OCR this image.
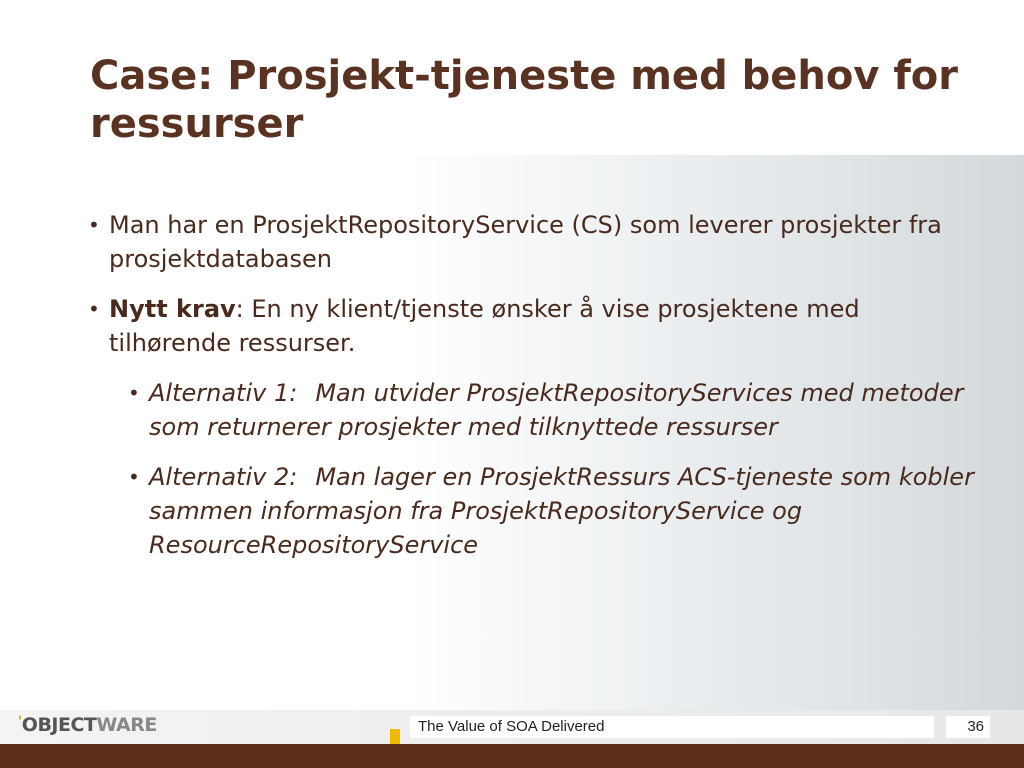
Case: Prosjekt-tjeneste med behov for ressurser
• Man har en ProsjektRepositoryService (CS) som leverer prosjekter fra prosjektdatabasen
• Nytt krav: En ny klient/tjenste ønsker å vise prosjektene med tilhørende ressurser.
• Alternativ 1: Man utvider ProsjektRepositoryServices med metoder som returnerer prosjekter med tilknyttede ressurser
• Alternativ 2: Man lager en ProsjektRessurs ACS-tjeneste som kobler sammen informasjon fra ProsjektRepositoryService og ResourceRepositoryService
'OBJECTWARE	The Value of SOA Delivered	36
